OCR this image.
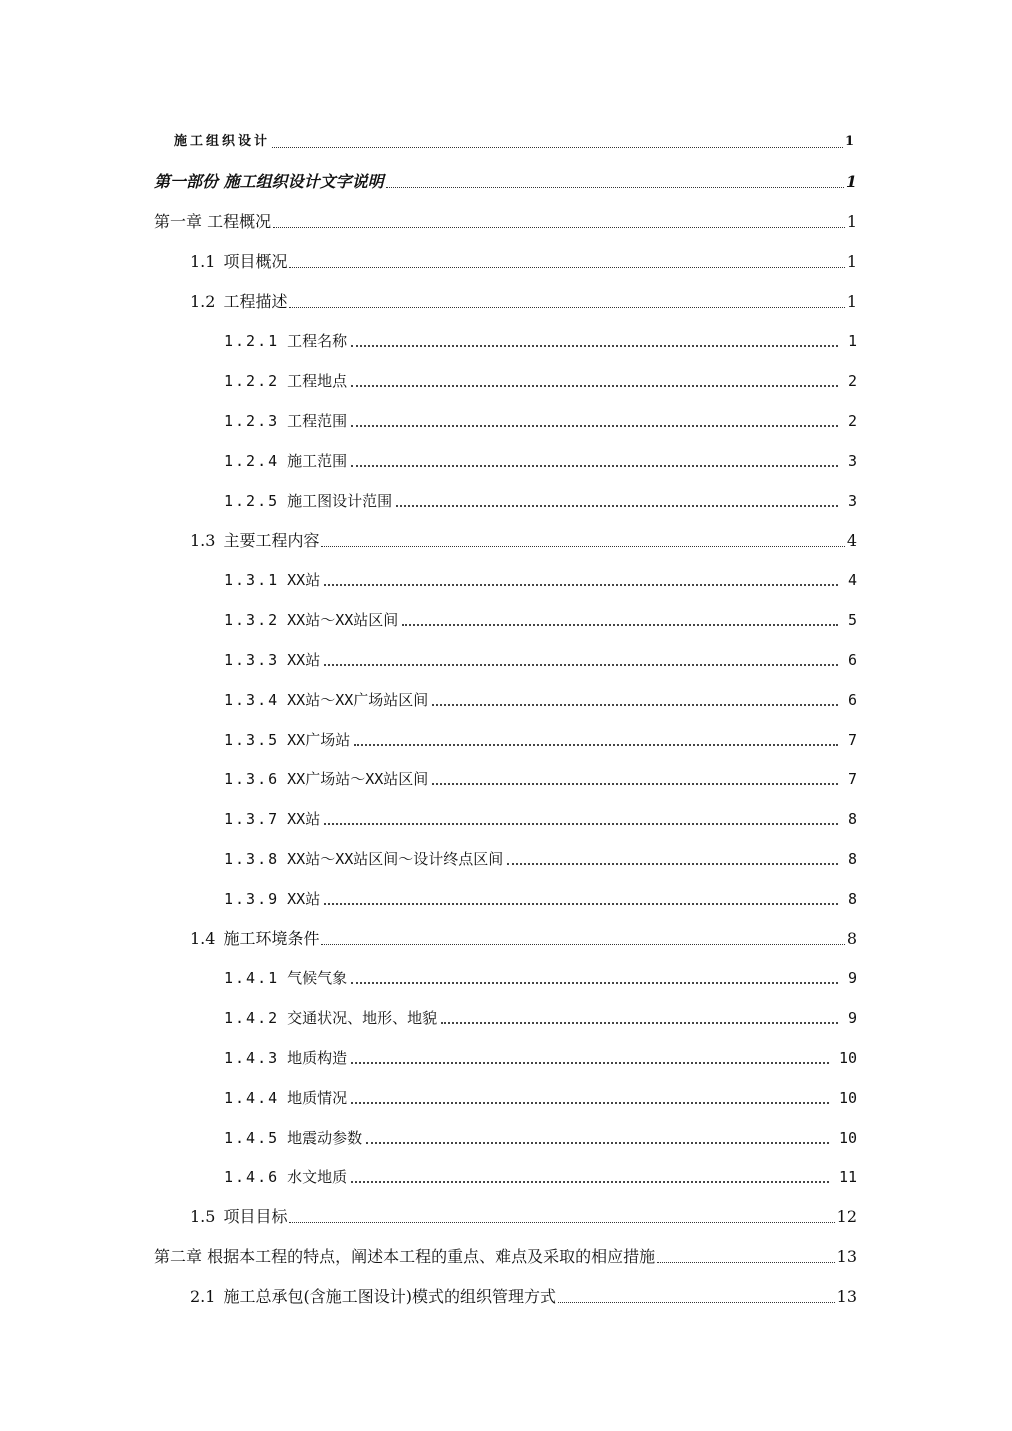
施工组织设计	1
第一部份 施工组织设计文字说明	1
第一章 工程概况	1
1.1 项目概况	1
1.2 工程描述	1
1.2.1 工程名称	1
1.2.2 工程地点	2
1.2.3 工程范围	2
1.2.4 施工范围	3
1.2.5 施工图设计范围	3
1.3 主要工程内容	4
1.3.1 XX站	4
1.3.2 XX站～XX站区间	5
1.3.3 XX站	6
1.3.4 XX站～XX广场站区间	6
1.3.5 XX广场站	7
1.3.6 XX广场站～XX站区间	7
1.3.7 XX站	8
1.3.8 XX站～XX站区间～设计终点区间	8
1.3.9 XX站	8
1.4 施工环境条件	8
1.4.1 气候气象	9
1.4.2 交通状况、地形、地貌	9
1.4.3 地质构造	10
1.4.4 地质情况	10
1.4.5 地震动参数	10
1.4.6 水文地质	11
1.5 项目目标	12
第二章 根据本工程的特点，阐述本工程的重点、难点及采取的相应措施	13
2.1 施工总承包(含施工图设计)模式的组织管理方式	13
